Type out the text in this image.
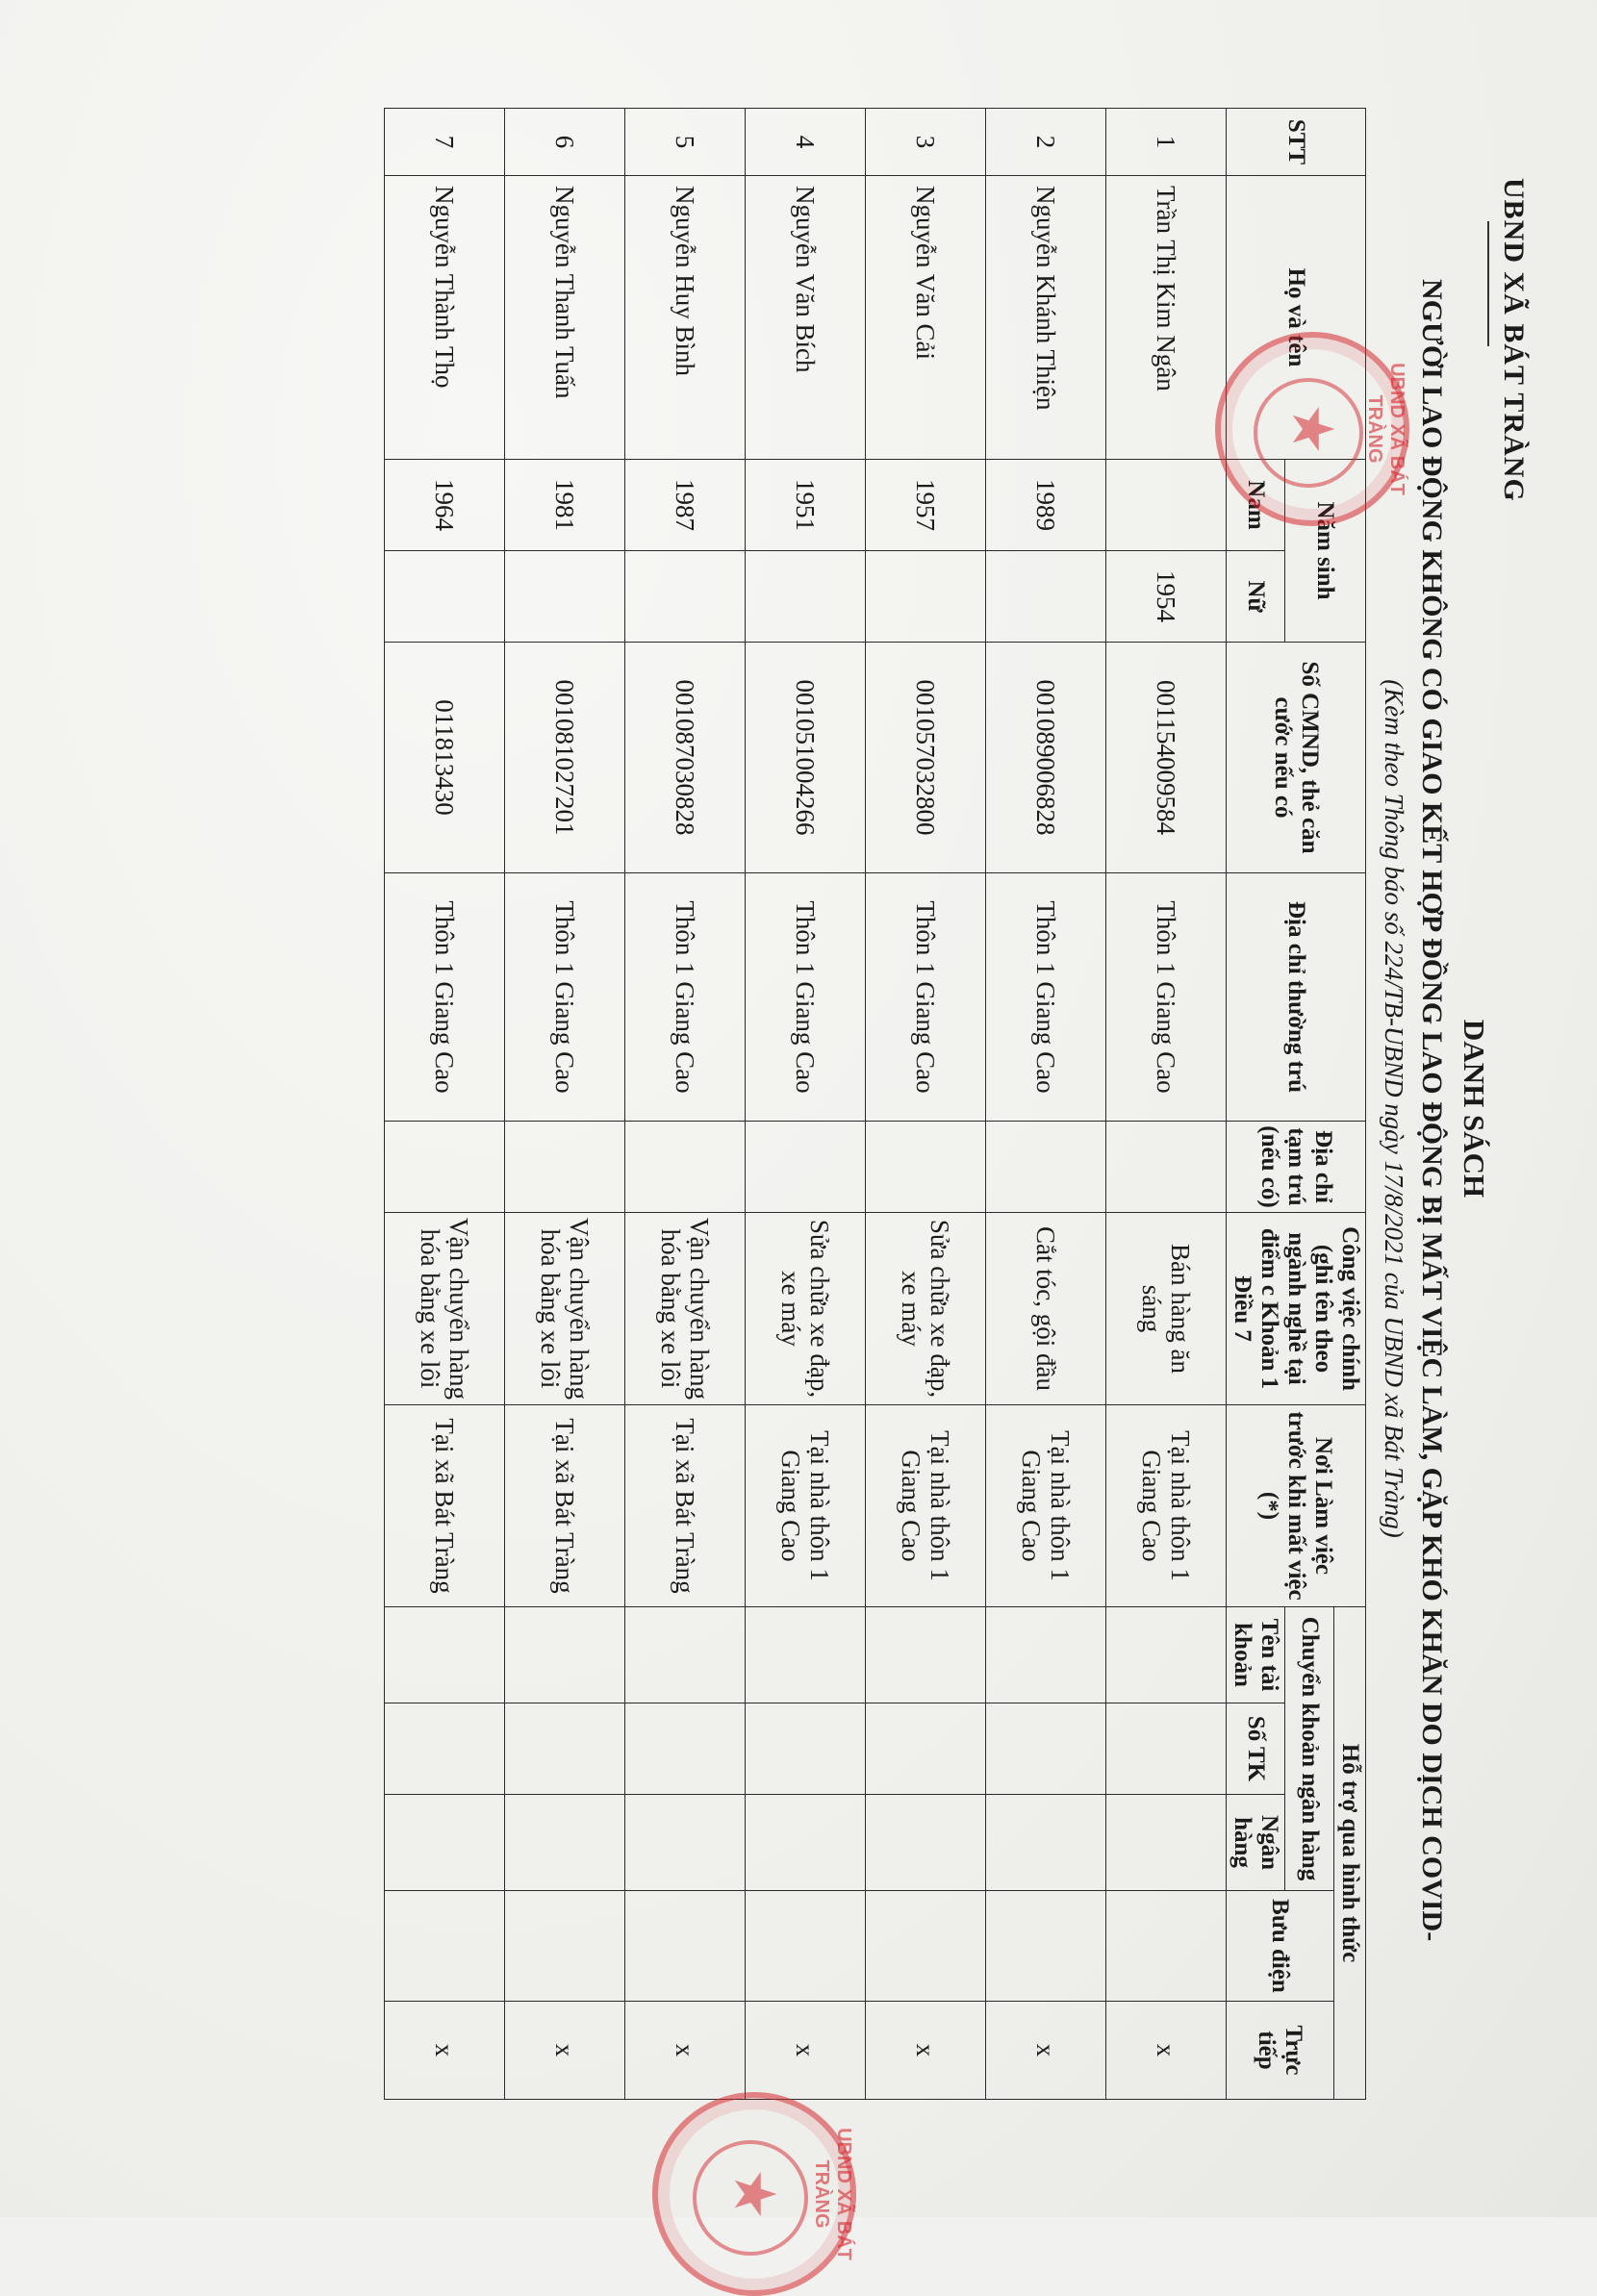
UBND XÃ BÁT TRÀNG
DANH SÁCH
NGƯỜI LAO ĐỘNG KHÔNG CÓ GIAO KẾT HỢP ĐỒNG LAO ĐỘNG BỊ MẤT VIỆC LÀM, GẶP KHÓ KHĂN DO DỊCH COVID-
(Kèm theo Thông báo số 224/TB-UBND ngày 17/8/2021 của UBND xã Bát Tràng)
STT	Họ và tên	Năm sinh		Số CMND, thẻ căn cước nếu có	Địa chỉ thường trú	Địa chỉ tạm trú (nếu có)	Công việc chính (ghi tên theo ngành nghề tại điểm c Khoản 1 Điều 7	Nơi Làm việc trước khi mất việc (*)	Hỗ trợ qua hình thức				
									Chuyển khoản ngân hàng			Bưu điện	Trực tiếp
		Nam	Nữ						Tên tài khoản	Số TK	Ngân hàng		
1	Trần Thị Kim Ngân		1954	001154009584	Thôn 1 Giang Cao		Bán hàng ăn sáng	Tại nhà thôn 1 Giang Cao					x
2	Nguyễn Khánh Thiện	1989		001089006828	Thôn 1 Giang Cao		Cắt tóc, gội đầu	Tại nhà thôn 1 Giang Cao					x
3	Nguyễn Văn Cải	1957		001057032800	Thôn 1 Giang Cao		Sửa chữa xe đạp, xe máy	Tại nhà thôn 1 Giang Cao					x
4	Nguyễn Văn Bích	1951		001051004266	Thôn 1 Giang Cao		Sửa chữa xe đạp, xe máy	Tại nhà thôn 1 Giang Cao					x
5	Nguyễn Huy Bình	1987		001087030828	Thôn 1 Giang Cao		Vận chuyển hàng hóa bằng xe lôi	Tại xã Bát Tràng					x
6	Nguyễn Thanh Tuấn	1981		001081027201	Thôn 1 Giang Cao		Vận chuyển hàng hóa bằng xe lôi	Tại xã Bát Tràng					x
7	Nguyễn Thành Thọ	1964		011813430	Thôn 1 Giang Cao		Vận chuyển hàng hóa bằng xe lôi	Tại xã Bát Tràng					x
UBND XÃ BÁT TRÀNG
★
UBND XÃ BÁT TRÀNG
★
